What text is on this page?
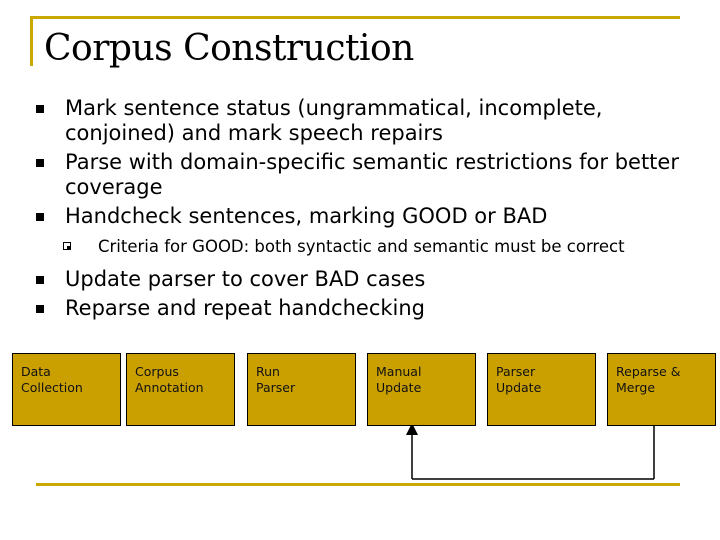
Corpus Construction
Mark sentence status (ungrammatical, incomplete, conjoined) and mark speech repairs
Parse with domain-specific semantic restrictions for better coverage
Handcheck sentences, marking GOOD or BAD
Criteria for GOOD: both syntactic and semantic must be correct
Update parser to cover BAD cases
Reparse and repeat handchecking
Data
Collection
Corpus
Annotation
Run
Parser
Manual
Update
Parser
Update
Reparse &
Merge
